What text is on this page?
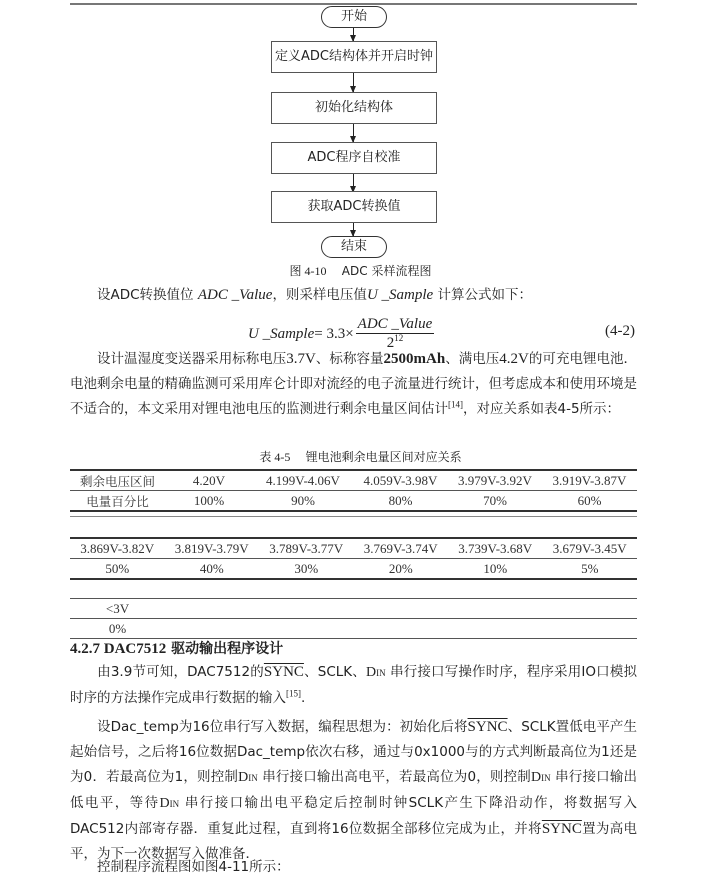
开始
定义ADC结构体并开启时钟
初始化结构体
ADC程序自校准
获取ADC转换值
结束
图 4-10 ADC 采样流程图
设ADC转换值位 ADC _Value，则采样电压值U _Sample 计算公式如下：
U _Sample = $3.3\times \frac{\text{ADC \_Value}}{2^{12}}$	(4-2)
设计温湿度变送器采用标称电压3.7V、标称容量2500mAh、满电压4.2V的可充电锂电池．电池剩余电量的精确监测可采用库仑计即对流经的电子流量进行统计，但考虑成本和使用环境是不适合的，本文采用对锂电池电压的监测进行剩余电量区间估计[14]，对应关系如表4-5所示：
表 4-5 锂电池剩余电量区间对应关系
剩余电压区间	4.20V	4.199V-4.06V	4.059V-3.98V	3.979V-3.92V	3.919V-3.87V
电量百分比	100%	90%	80%	70%	60%
3.869V-3.82V	3.819V-3.79V	3.789V-3.77V	3.769V-3.74V	3.739V-3.68V	3.679V-3.45V
50%	40%	30%	20%	10%	5%
<3V	
0%	
4.2.7 DAC7512 驱动输出程序设计
由3.9节可知，DAC7512的SYNC、SCLK、DIN 串行接口写操作时序，程序采用IO口模拟时序的方法操作完成串行数据的输入[15].
设Dac_temp为16位串行写入数据，编程思想为：初始化后将SYNC、SCLK置低电平产生起始信号，之后将16位数据Dac_temp依次右移，通过与0x1000与的方式判断最高位为1还是为0．若最高位为1，则控制DIN 串行接口输出高电平，若最高位为0，则控制DIN 串行接口输出低电平，等待DIN 串行接口输出电平稳定后控制时钟SCLK产生下降沿动作，将数据写入DAC512内部寄存器．重复此过程，直到将16位数据全部移位完成为止，并将SYNC置为高电平，为下一次数据写入做准备．
控制程序流程图如图4-11所示：
